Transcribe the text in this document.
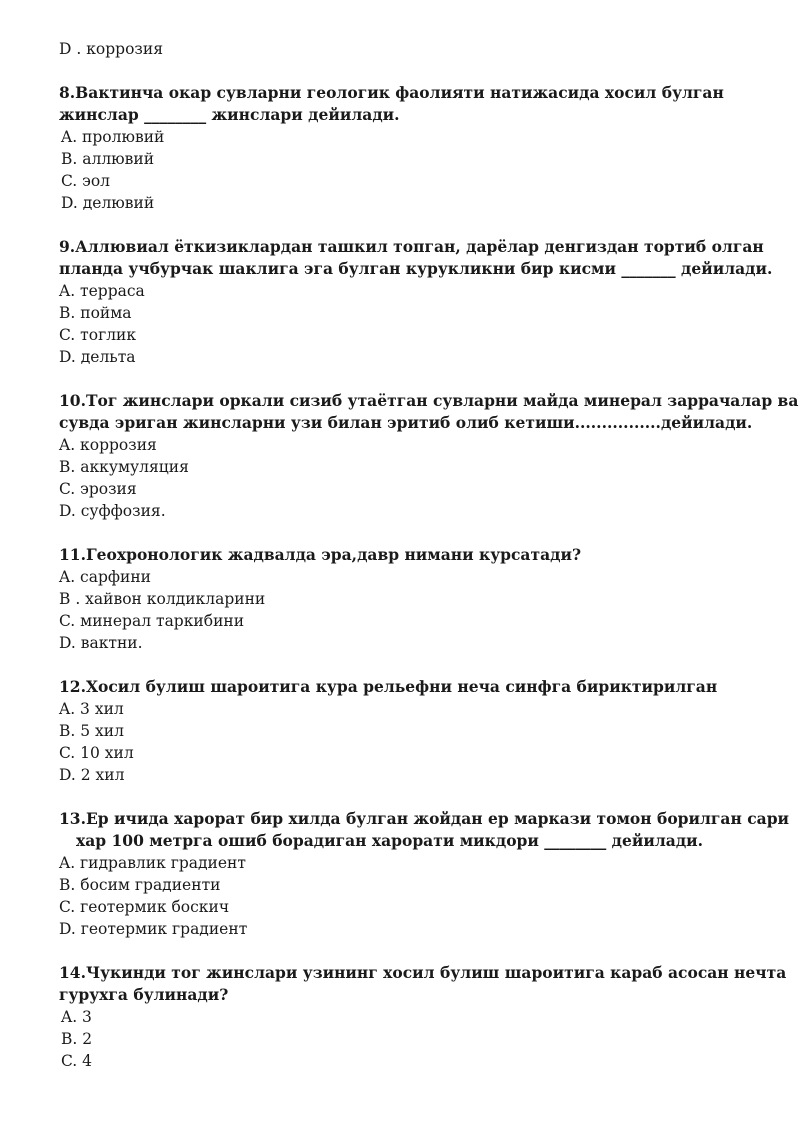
D . коррозия
8.Вактинча окар сувларни геологик фаолияти натижасида хосил булган
жинслар ________ жинслари дейилади.
A. пролювий
B. аллювий
C. эол
D. делювий
9.Аллювиал ёткизиклардан ташкил топган, дарёлар денгиздан тортиб олган
планда учбурчак шаклига эга булган курукликни бир кисми _______ дейилади.
A. терраса
B. пойма
C. тоглик
D. дельта
10.Тог жинслари оркали сизиб утаётган сувларни майда минерал заррачалар ва
сувда эриган жинсларни узи билан эритиб олиб кетиши................дейилади.
A. коррозия
B. аккумуляция
C. эрозия
D. суффозия.
11.Геохронологик жадвалда эра,давр нимани курсатади?
A. сарфини
B . хайвон колдикларини
C. минерал таркибини
D. вактни.
12.Хосил булиш шароитига кура рельефни неча синфга бириктирилган
A. 3 хил
B. 5 хил
C. 10 хил
D. 2 хил
13.Ер ичида харорат бир хилда булган жойдан ер маркази томон борилган сари
хар 100 метрга ошиб борадиган харорати микдори ________ дейилади.
A. гидравлик градиент
B. босим градиенти
C. геотермик боскич
D. геотермик градиент
14.Чукинди тог жинслари узининг хосил булиш шароитига караб асосан нечта
гурухга булинади?
A. 3
B. 2
C. 4
